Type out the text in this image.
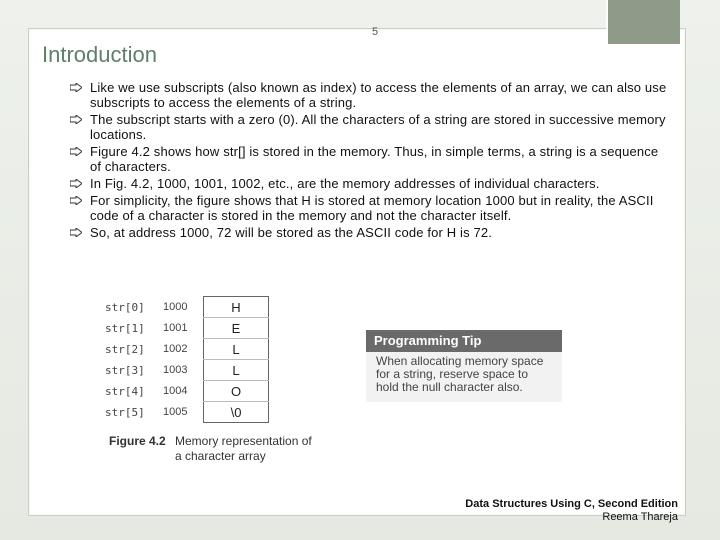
5
Introduction
Like we use subscripts (also known as index) to access the elements of an array, we can also use subscripts to access the elements of a string.
The subscript starts with a zero (0). All the characters of a string are stored in successive memory locations.
Figure 4.2 shows how str[] is stored in the memory. Thus, in simple terms, a string is a sequence of characters.
In Fig. 4.2, 1000, 1001, 1002, etc., are the memory addresses of individual characters.
For simplicity, the figure shows that H is stored at memory location 1000 but in reality, the ASCII code of a character is stored in the memory and not the character itself.
So, at address 1000, 72 will be stored as the ASCII code for H is 72.
str[0]	1000	H
str[1]	1001	E
str[2]	1002	L
str[3]	1003	L
str[4]	1004	O
str[5]	1005	\0
Figure 4.2 Memory representation of a character array
Programming Tip
When allocating memory space for a string, reserve space to hold the null character also.
Data Structures Using C, Second Edition
Reema Thareja
